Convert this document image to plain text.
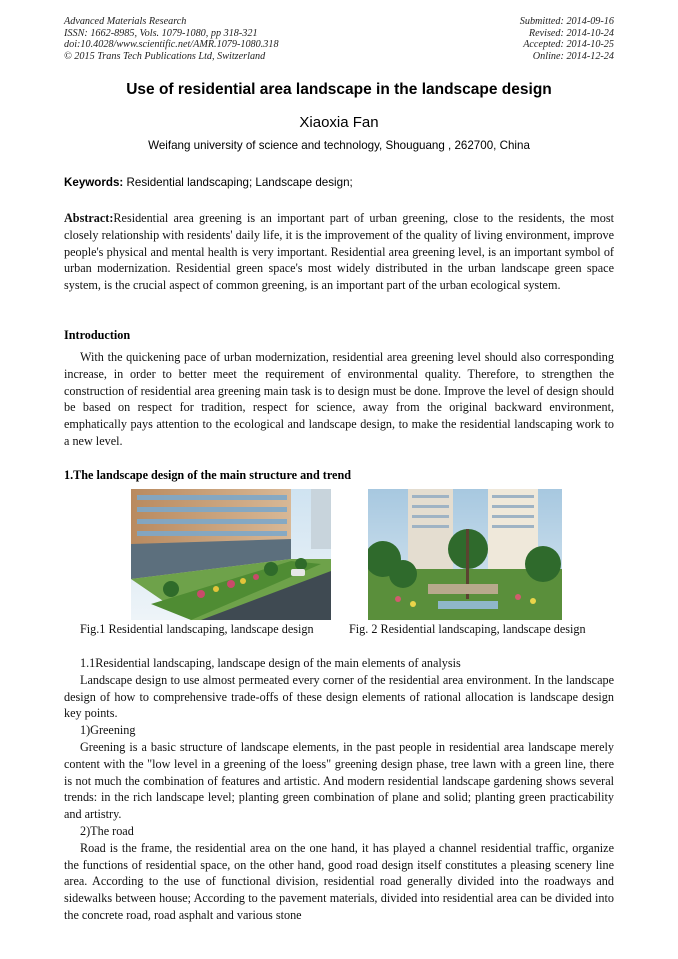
Advanced Materials Research
ISSN: 1662-8985, Vols. 1079-1080, pp 318-321
doi:10.4028/www.scientific.net/AMR.1079-1080.318
© 2015 Trans Tech Publications Ltd, Switzerland
Submitted: 2014-09-16
Revised: 2014-10-24
Accepted: 2014-10-25
Online: 2014-12-24
Use of residential area landscape in the landscape design
Xiaoxia Fan
Weifang university of science and technology, Shouguang , 262700, China
Keywords: Residential landscaping; Landscape design;
Abstract:Residential area greening is an important part of urban greening, close to the residents, the most closely relationship with residents' daily life, it is the improvement of the quality of living environment, improve people's physical and mental health is very important. Residential area greening level, is an important symbol of urban modernization. Residential green space's most widely distributed in the urban landscape green space system, is the crucial aspect of common greening, is an important part of the urban ecological system.
Introduction
With the quickening pace of urban modernization, residential area greening level should also corresponding increase, in order to better meet the requirement of environmental quality. Therefore, to strengthen the construction of residential area greening main task is to design must be done. Improve the level of design should be based on respect for tradition, respect for science, away from the original backward environment, emphatically pays attention to the ecological and landscape design, to make the residential landscaping work to a new level.
1.The landscape design of the main structure and trend
Fig.1 Residential landscaping, landscape design	Fig. 2 Residential landscaping, landscape design

1.1Residential landscaping, landscape design of the main elements of analysis

Landscape design to use almost permeated every corner of the residential area environment. In the landscape design of how to comprehensive trade-offs of these design elements of rational allocation is landscape design key points.

1)Greening

Greening is a basic structure of landscape elements, in the past people in residential area landscape merely content with the "low level in a greening of the loess" greening design phase, tree lawn with a green line, there is not much the combination of features and artistic. And modern residential landscape gardening shows several trends: in the rich landscape level; planting green combination of plane and solid; planting green practicability and artistry.

2)The road

Road is the frame, the residential area on the one hand, it has played a channel residential traffic, organize the functions of residential space, on the other hand, good road design itself constitutes a pleasing scenery line area. According to the use of functional division, residential road generally divided into the roadways and sidewalks between house; According to the pavement materials, divided into residential area can be divided into the concrete road, road asphalt and various stone
